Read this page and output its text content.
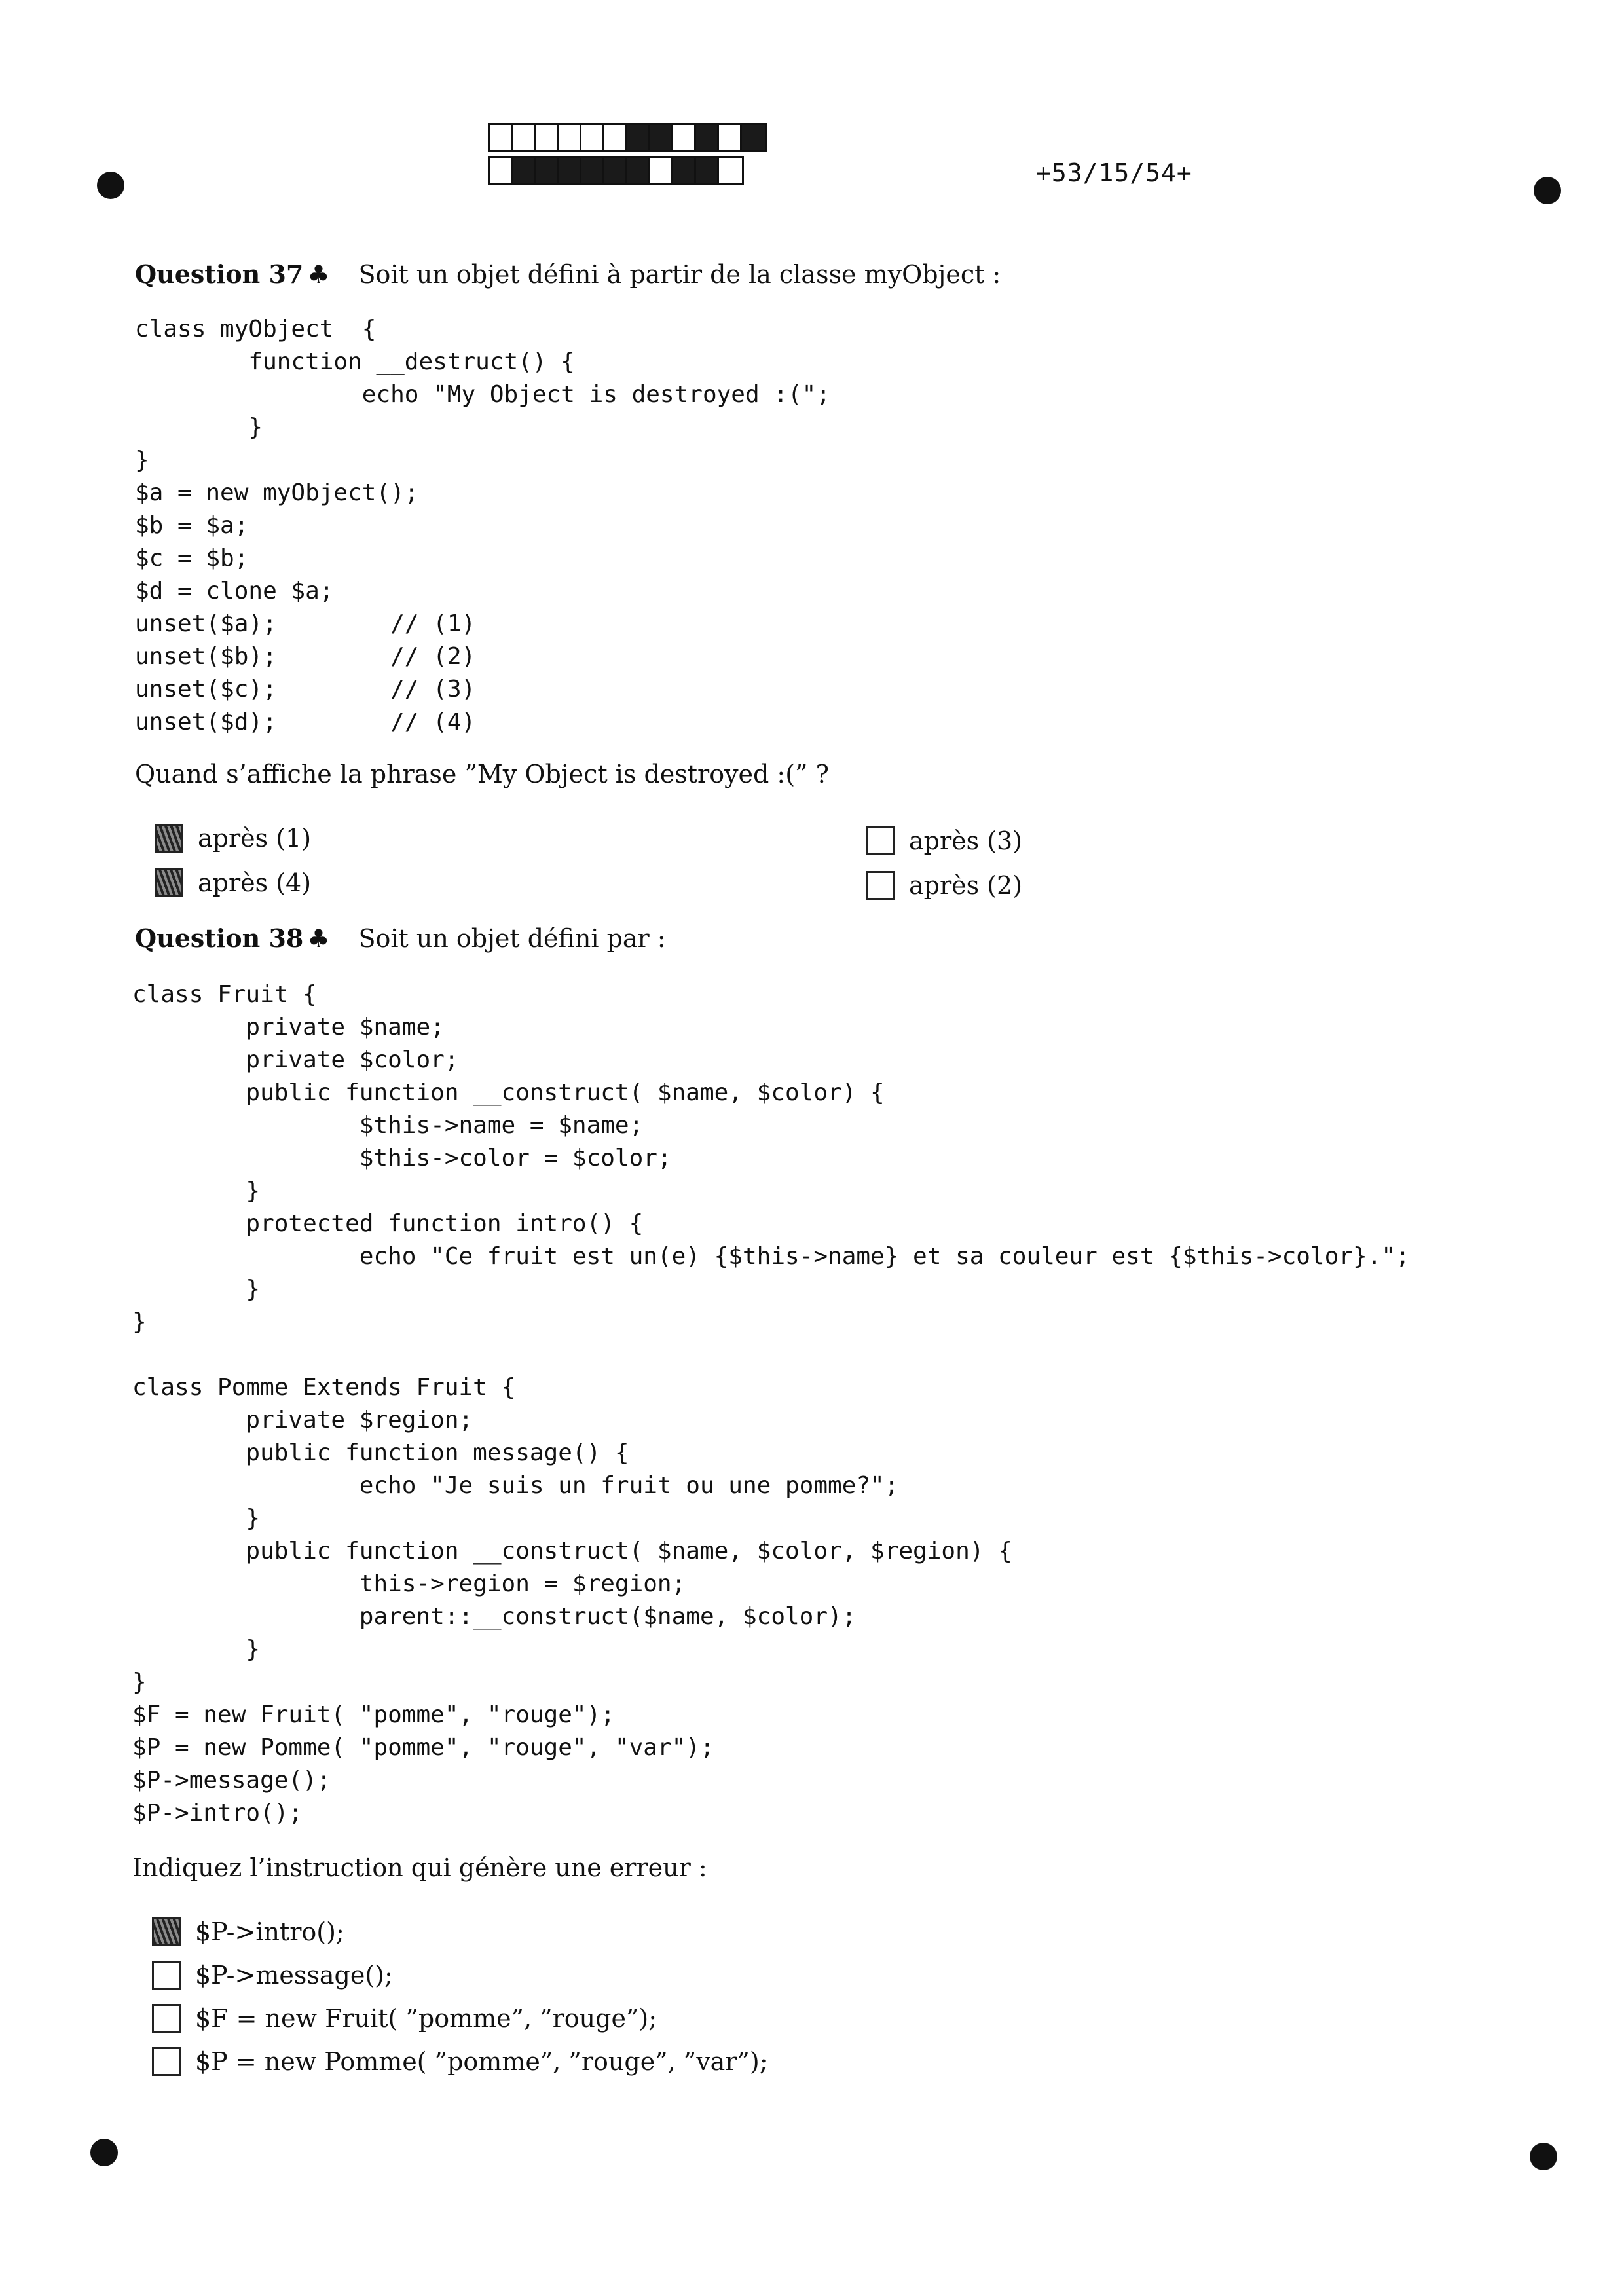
+53/15/54+
Question 37 ♣ Soit un objet défini à partir de la classe myObject :
class myObject  {
function __destruct() {
echo "My Object is destroyed :(";
}
}
$a = new myObject();
$b = $a;
$c = $b;
$d = clone $a;
unset($a);        // (1)
unset($b);        // (2)
unset($c);        // (3)
unset($d);        // (4)
Quand s’affiche la phrase ”My Object is destroyed :(” ?
après (1)	après (3)
après (4)	après (2)
Question 38 ♣ Soit un objet défini par :
class Fruit {
private $name;
private $color;
public function __construct( $name, $color) {
$this->name = $name;
$this->color = $color;
}
protected function intro() {
echo "Ce fruit est un(e) {$this->name} et sa couleur est {$this->color}.";
}
}

class Pomme Extends Fruit {
private $region;
public function message() {
echo "Je suis un fruit ou une pomme?";
}
public function __construct( $name, $color, $region) {
this->region = $region;
parent::__construct($name, $color);
}
}
$F = new Fruit( "pomme", "rouge");
$P = new Pomme( "pomme", "rouge", "var");
$P->message();
$P->intro();
Indiquez l’instruction qui génère une erreur :
$P->intro();
$P->message();
$F = new Fruit( ”pomme”, ”rouge”);
$P = new Pomme( ”pomme”, ”rouge”, ”var”);
